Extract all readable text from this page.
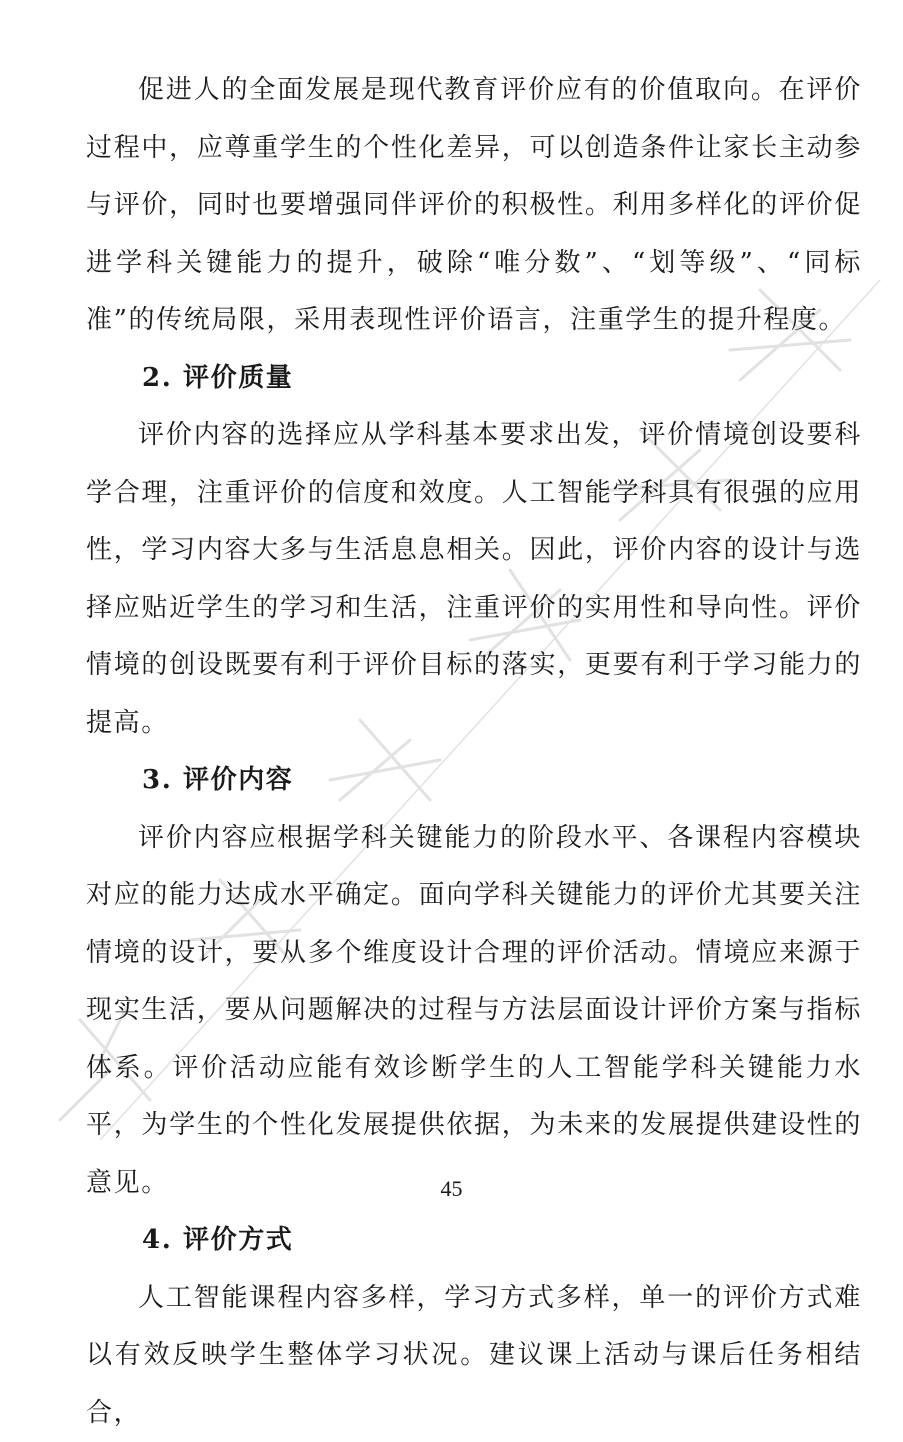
促进人的全面发展是现代教育评价应有的价值取向。在评价过程中，应尊重学生的个性化差异，可以创造条件让家长主动参与评价，同时也要增强同伴评价的积极性。利用多样化的评价促进学科关键能力的提升，破除“唯分数”、“划等级”、“同标准”的传统局限，采用表现性评价语言，注重学生的提升程度。

2. 评价质量

评价内容的选择应从学科基本要求出发，评价情境创设要科学合理，注重评价的信度和效度。人工智能学科具有很强的应用性，学习内容大多与生活息息相关。因此，评价内容的设计与选择应贴近学生的学习和生活，注重评价的实用性和导向性。评价情境的创设既要有利于评价目标的落实，更要有利于学习能力的提高。

3. 评价内容

评价内容应根据学科关键能力的阶段水平、各课程内容模块对应的能力达成水平确定。面向学科关键能力的评价尤其要关注情境的设计，要从多个维度设计合理的评价活动。情境应来源于现实生活，要从问题解决的过程与方法层面设计评价方案与指标体系。评价活动应能有效诊断学生的人工智能学科关键能力水平，为学生的个性化发展提供依据，为未来的发展提供建设性的意见。

4. 评价方式

人工智能课程内容多样，学习方式多样，单一的评价方式难以有效反映学生整体学习状况。建议课上活动与课后任务相结合，

45
